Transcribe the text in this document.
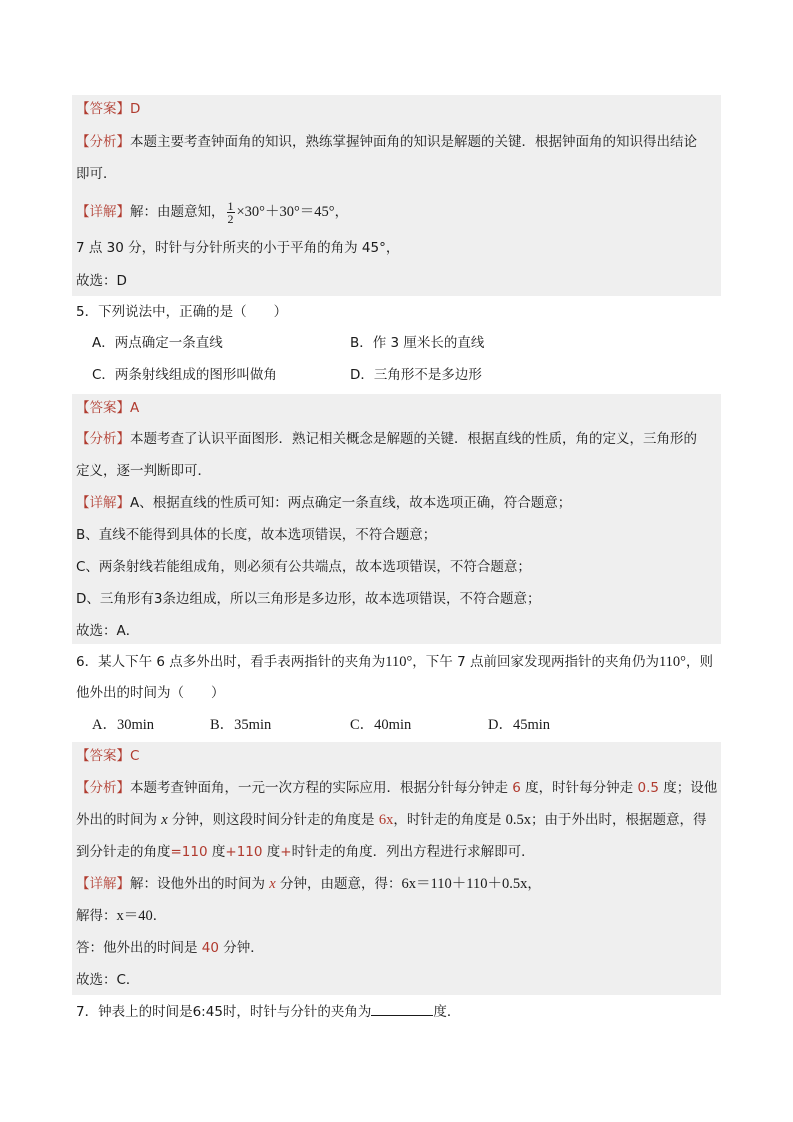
【答案】D
【分析】本题主要考查钟面角的知识，熟练掌握钟面角的知识是解题的关键．根据钟面角的知识得出结论
即可．
【详解】解：由题意知， $\frac{1}{2} \times 30^\circ+30^\circ=45^\circ$，
7 点 30 分，时针与分针所夹的小于平角的角为 45°，
故选：D
5．下列说法中，正确的是（　　）
A．两点确定一条直线	B．作 3 厘米长的直线
C．两条射线组成的图形叫做角	D．三角形不是多边形
【答案】A
【分析】本题考查了认识平面图形．熟记相关概念是解题的关键．根据直线的性质，角的定义，三角形的
定义，逐一判断即可．
【详解】A、根据直线的性质可知：两点确定一条直线，故本选项正确，符合题意；
B、直线不能得到具体的长度，故本选项错误，不符合题意；
C、两条射线若能组成角，则必须有公共端点，故本选项错误，不符合题意；
D、三角形有3条边组成，所以三角形是多边形，故本选项错误，不符合题意；
故选：A．
6．某人下午 6 点多外出时，看手表两指针的夹角为110°，下午 7 点前回家发现两指针的夹角仍为110°，则
他外出的时间为（　　）
A．30min	B．35min	C．40min	D．45min
【答案】C
【分析】本题考查钟面角，一元一次方程的实际应用．根据分针每分钟走 6 度，时针每分钟走 0.5 度；设他
外出的时间为 x 分钟，则这段时间分针走的角度是 6x，时针走的角度是 0.5x；由于外出时，根据题意，得
到分针走的角度=110 度+110 度+时针走的角度．列出方程进行求解即可．
【详解】解：设他外出的时间为 x 分钟，由题意，得：6x＝110＋110＋0.5x，
解得：x＝40．
答：他外出的时间是 40 分钟．
故选：C．
7．钟表上的时间是6:45时，时针与分针的夹角为	度．
